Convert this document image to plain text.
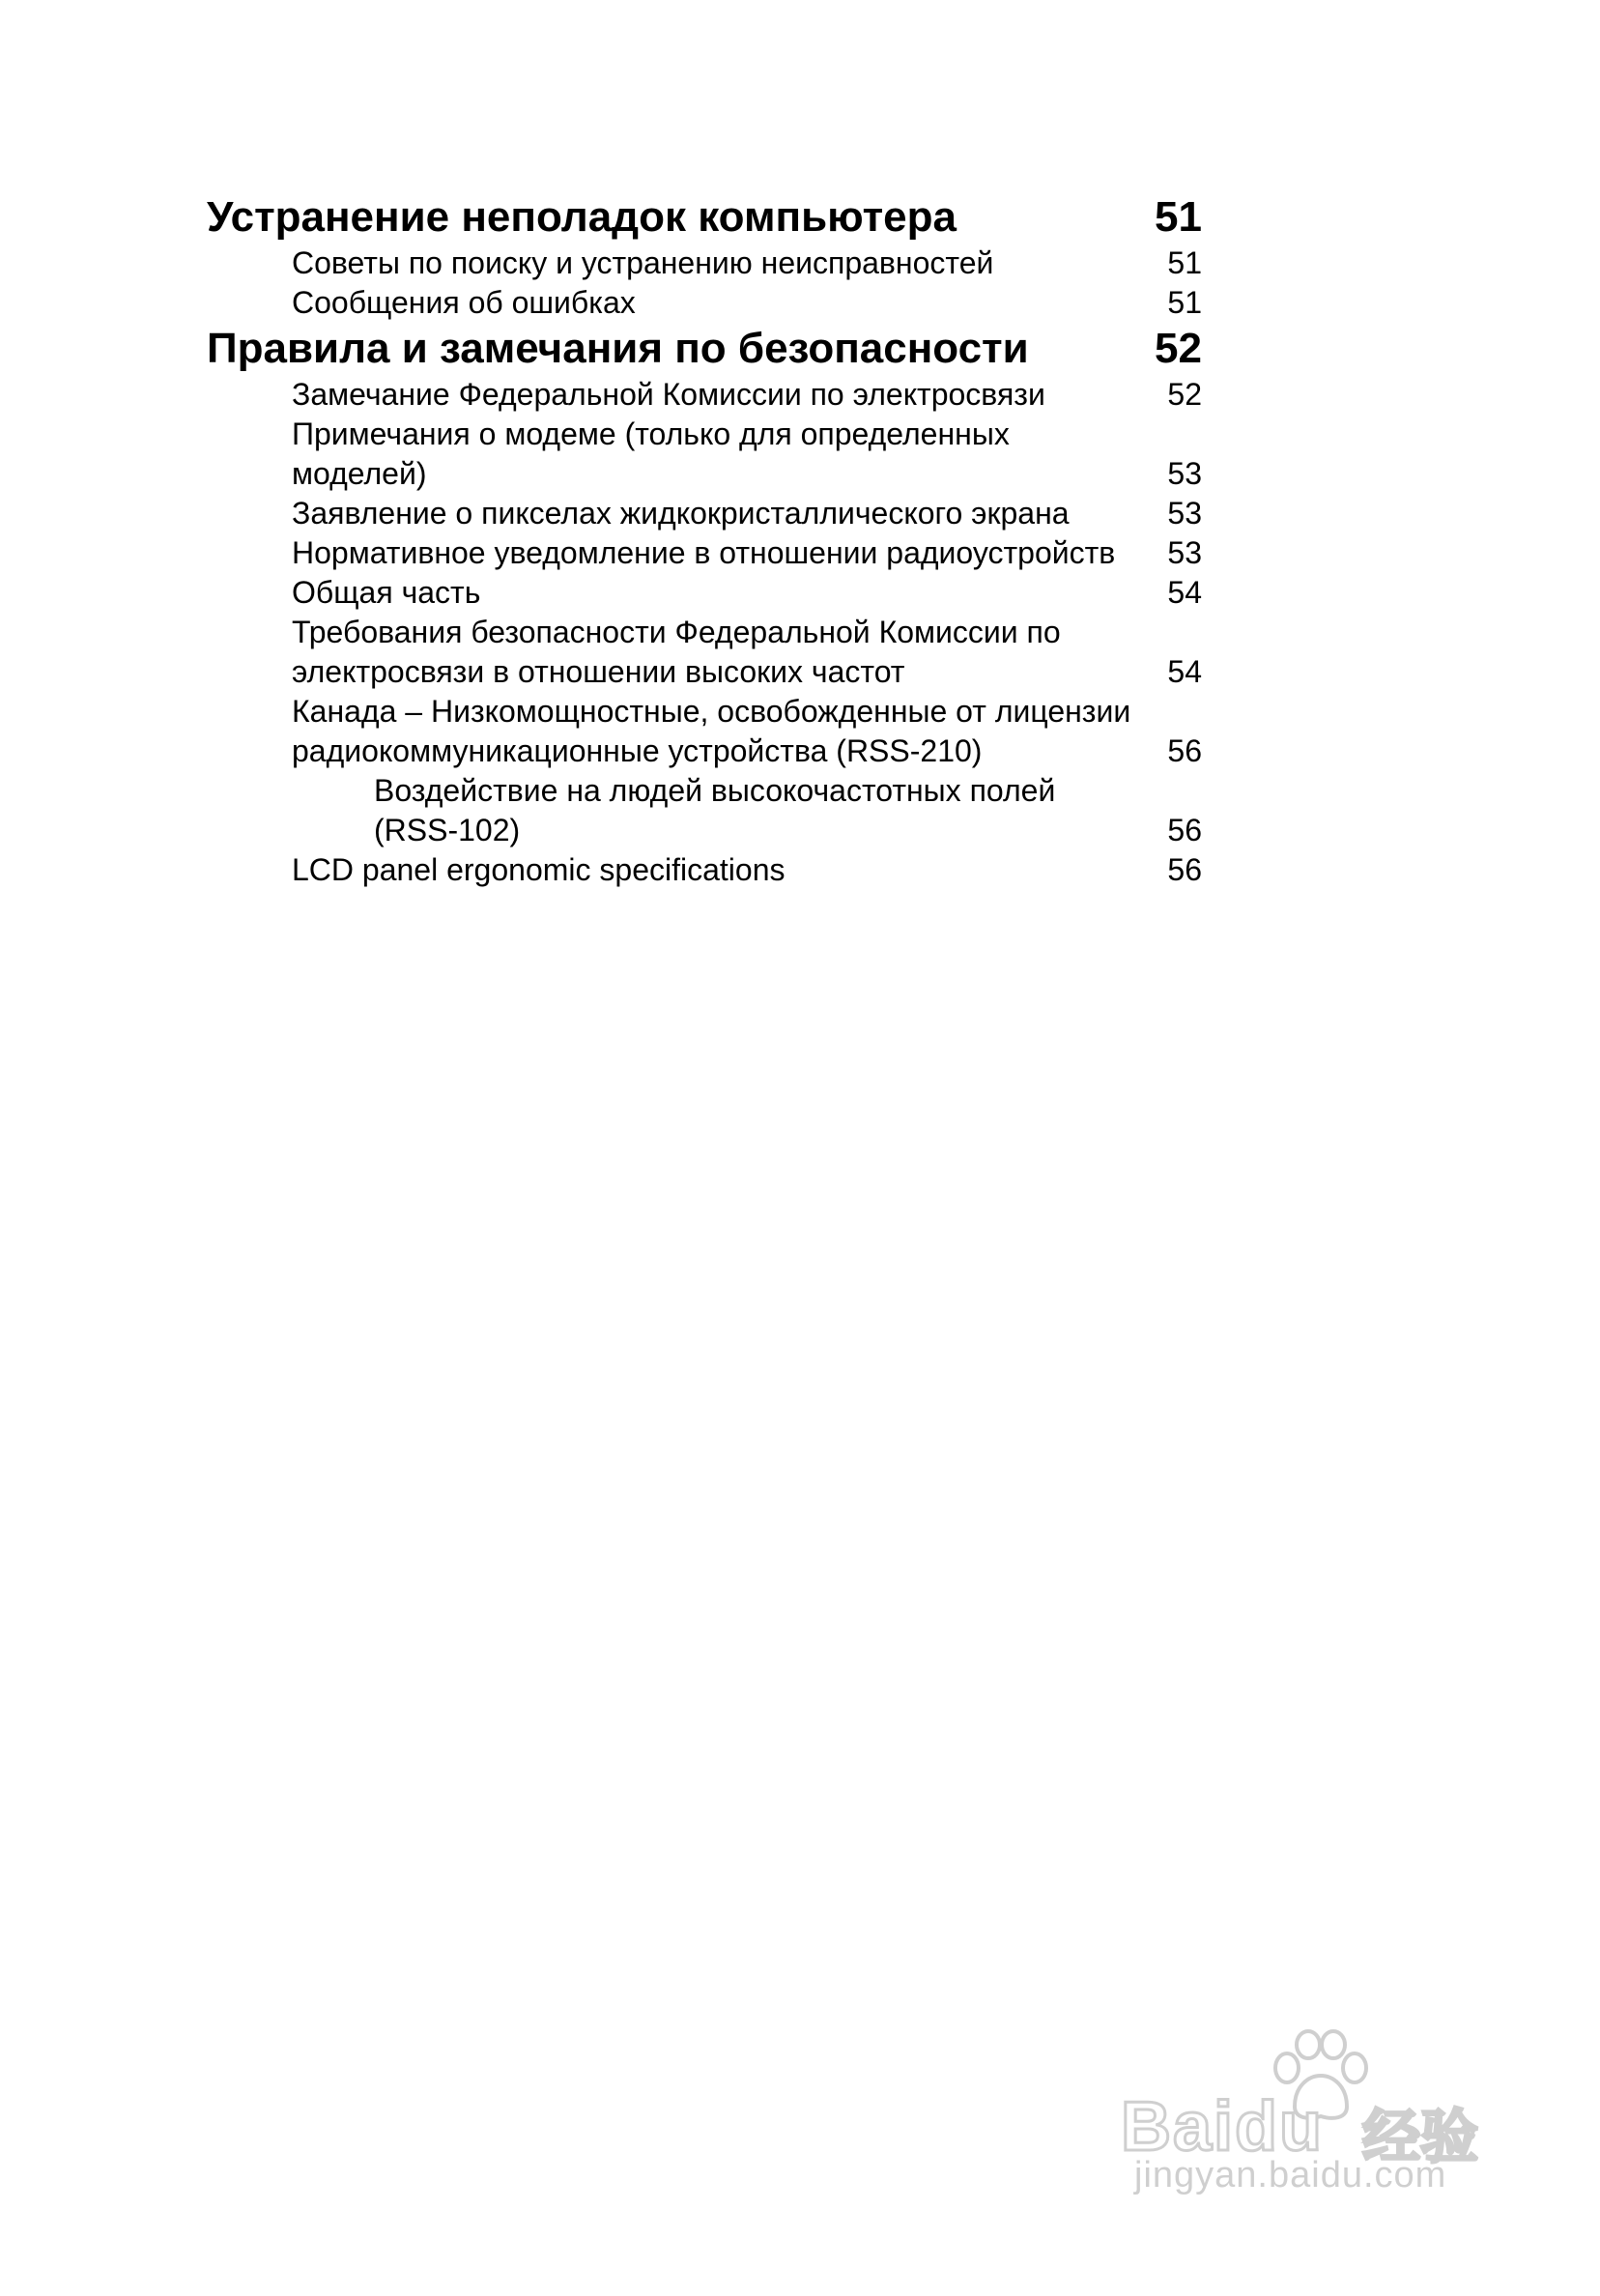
Устранение неполадок компьютера	51
Советы по поиску и устранению неисправностей	51
Сообщения об ошибках	51
Правила и замечания по безопасности	52
Замечание Федеральной Комиссии по электросвязи	52
Примечания о модеме (только для определенных моделей)	53
Заявление о пикселах жидкокристаллического экрана	53
Нормативное уведомление в отношении радиоустройств	53
Общая часть	54
Требования безопасности Федеральной Комиссии по электросвязи в отношении высоких частот	54
Канада – Низкомощностные, освобожденные от лицензии радиокоммуникационные устройства (RSS-210)	56
Воздействие на людей высокочастотных полей (RSS-102)	56
LCD panel ergonomic specifications	56
Baidu 经验
jingyan.baidu.com
